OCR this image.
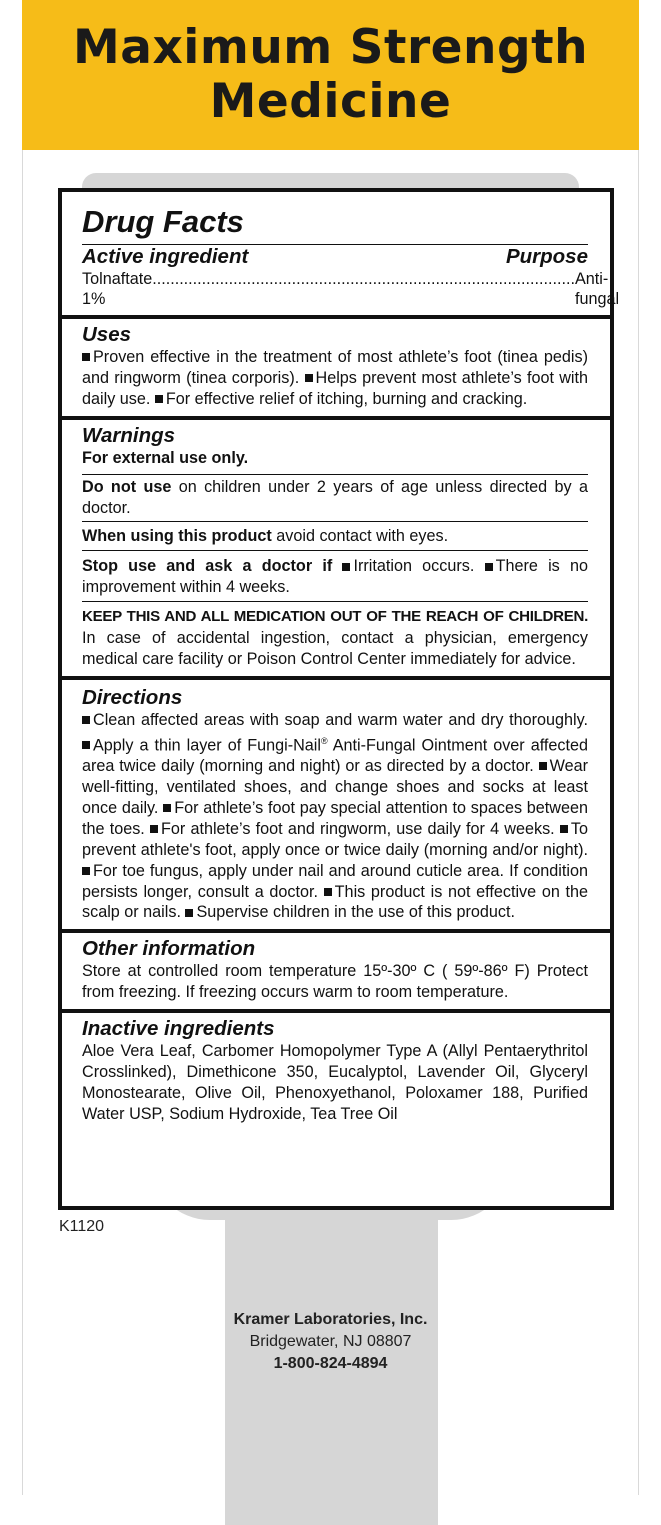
Maximum Strength
Medicine
Drug Facts
Active ingredient	Purpose
Tolnaftate 1%
.............................................................................................. Anti-fungal
Uses

Proven effective in the treatment of most athlete’s foot (tinea pedis) and ringworm (tinea corporis). Helps prevent most athlete’s foot with daily use. For effective relief of itching, burning and cracking.

Warnings

For external use only.

Do not use on children under 2 years of age unless directed by a doctor.

When using this product avoid contact with eyes.

Stop use and ask a doctor if Irritation occurs. There is no improvement within 4 weeks.

KEEP THIS AND ALL MEDICATION OUT OF THE REACH OF CHILDREN. In case of accidental ingestion, contact a physician, emergency medical care facility or Poison Control Center immediately for advice.

Directions

Clean affected areas with soap and warm water and dry thoroughly. Apply a thin layer of Fungi-Nail® Anti-Fungal Ointment over affected area twice daily (morning and night) or as directed by a doctor. Wear well-fitting, ventilated shoes, and change shoes and socks at least once daily. For athlete’s foot pay special attention to spaces between the toes. For athlete’s foot and ringworm, use daily for 4 weeks. To prevent athlete's foot, apply once or twice daily (morning and/or night). For toe fungus, apply under nail and around cuticle area. If condition persists longer, consult a doctor. This product is not effective on the scalp or nails. Supervise children in the use of this product.

Other information

Store at controlled room temperature 15º-30º C ( 59º-86º F) Protect from freezing. If freezing occurs warm to room temperature.

Inactive ingredients

Aloe Vera Leaf, Carbomer Homopolymer Type A (Allyl Pentaerythritol Crosslinked), Dimethicone 350, Eucalyptol, Lavender Oil, Glyceryl Monostearate, Olive Oil, Phenoxyethanol, Poloxamer 188, Purified Water USP, Sodium Hydroxide, Tea Tree Oil

K1120
Kramer Laboratories, Inc.
Bridgewater, NJ 08807
1-800-824-4894
